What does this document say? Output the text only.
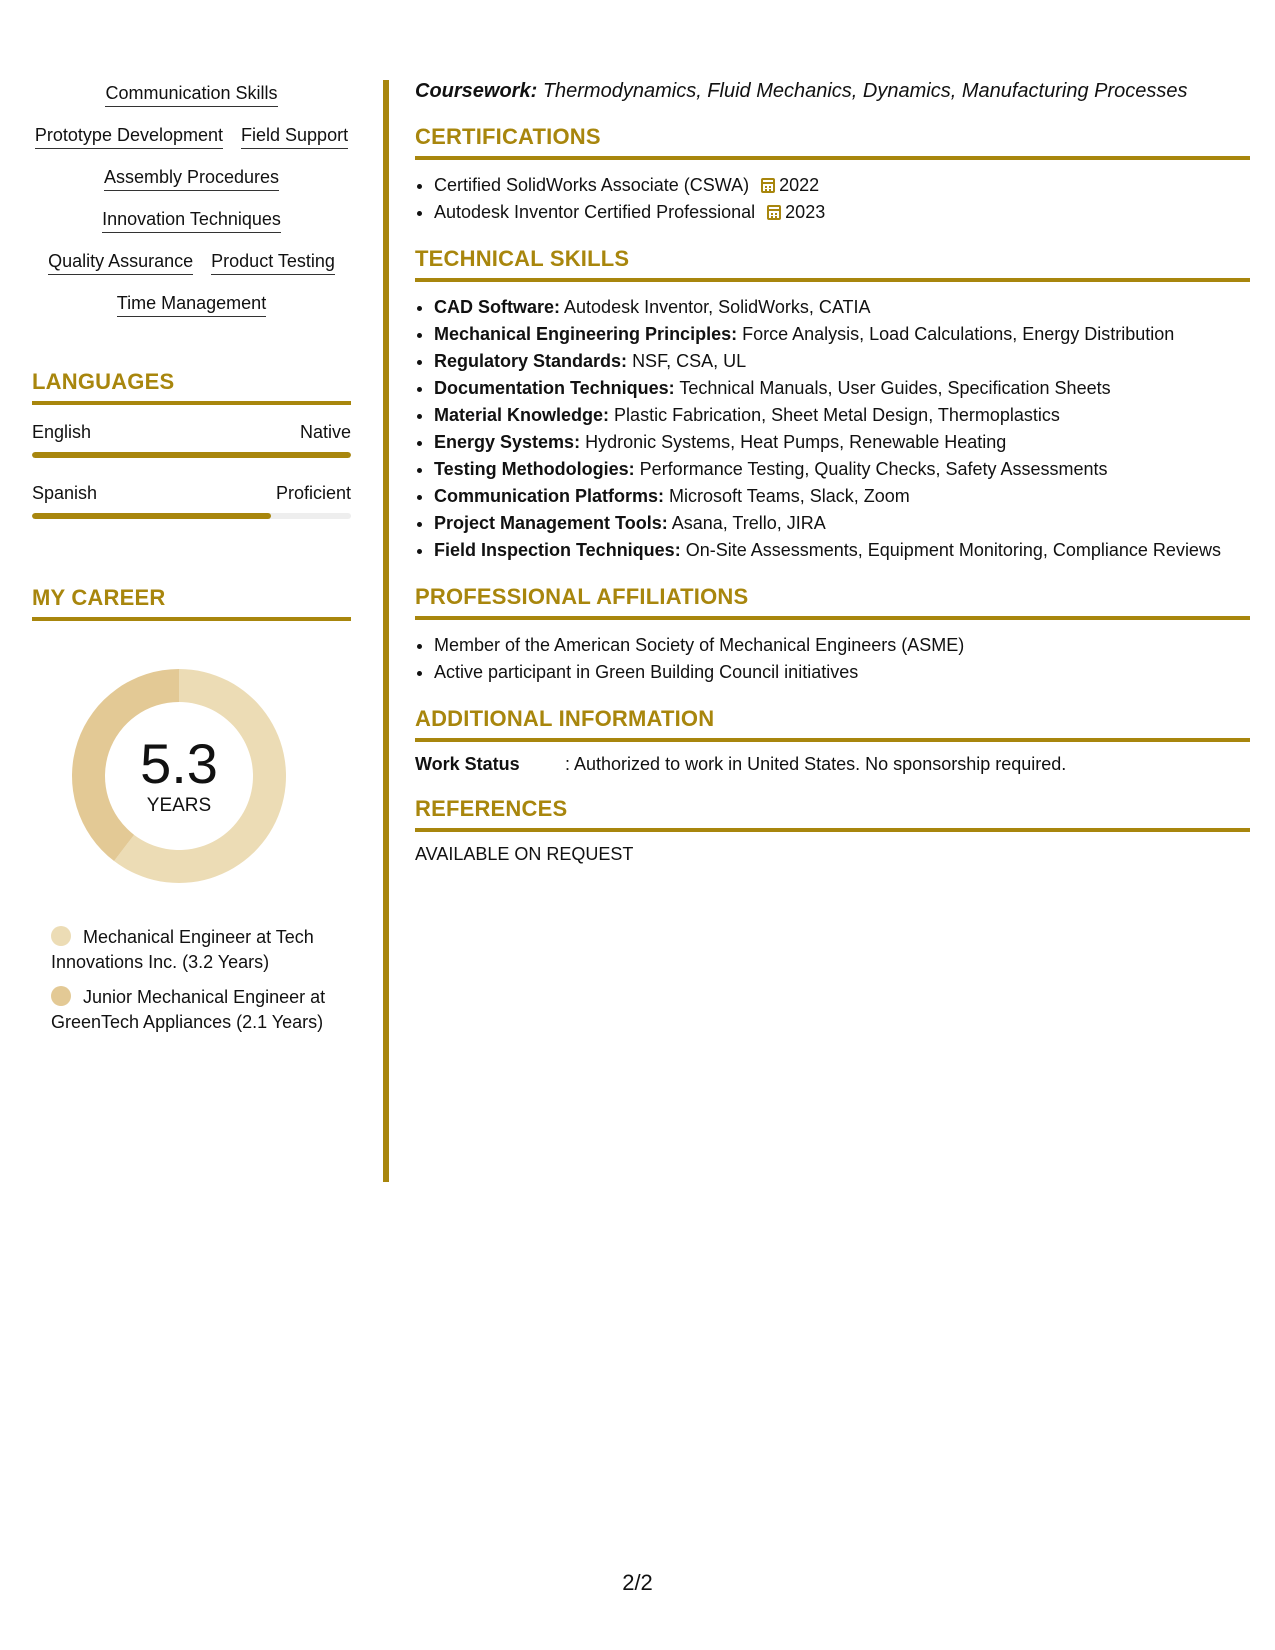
Communication Skills
Prototype Development Field Support
Assembly Procedures
Innovation Techniques
Quality Assurance Product Testing
Time Management
LANGUAGES
English	Native
Spanish	Proficient
MY CAREER
5.3
YEARS
Mechanical Engineer at Tech Innovations Inc. (3.2 Years)
Junior Mechanical Engineer at GreenTech Appliances (2.1 Years)

Coursework: Thermodynamics, Fluid Mechanics, Dynamics, Manufacturing Processes

CERTIFICATIONS
• Certified SolidWorks Associate (CSWA) 2022
• Autodesk Inventor Certified Professional 2023
TECHNICAL SKILLS
• CAD Software: Autodesk Inventor, SolidWorks, CATIA
• Mechanical Engineering Principles: Force Analysis, Load Calculations, Energy Distribution
• Regulatory Standards: NSF, CSA, UL
• Documentation Techniques: Technical Manuals, User Guides, Specification Sheets
• Material Knowledge: Plastic Fabrication, Sheet Metal Design, Thermoplastics
• Energy Systems: Hydronic Systems, Heat Pumps, Renewable Heating
• Testing Methodologies: Performance Testing, Quality Checks, Safety Assessments
• Communication Platforms: Microsoft Teams, Slack, Zoom
• Project Management Tools: Asana, Trello, JIRA
• Field Inspection Techniques: On-Site Assessments, Equipment Monitoring, Compliance Reviews
PROFESSIONAL AFFILIATIONS
• Member of the American Society of Mechanical Engineers (ASME)
• Active participant in Green Building Council initiatives
ADDITIONAL INFORMATION
Work Status	: Authorized to work in United States. No sponsorship required.
REFERENCES
AVAILABLE ON REQUEST
2/2
